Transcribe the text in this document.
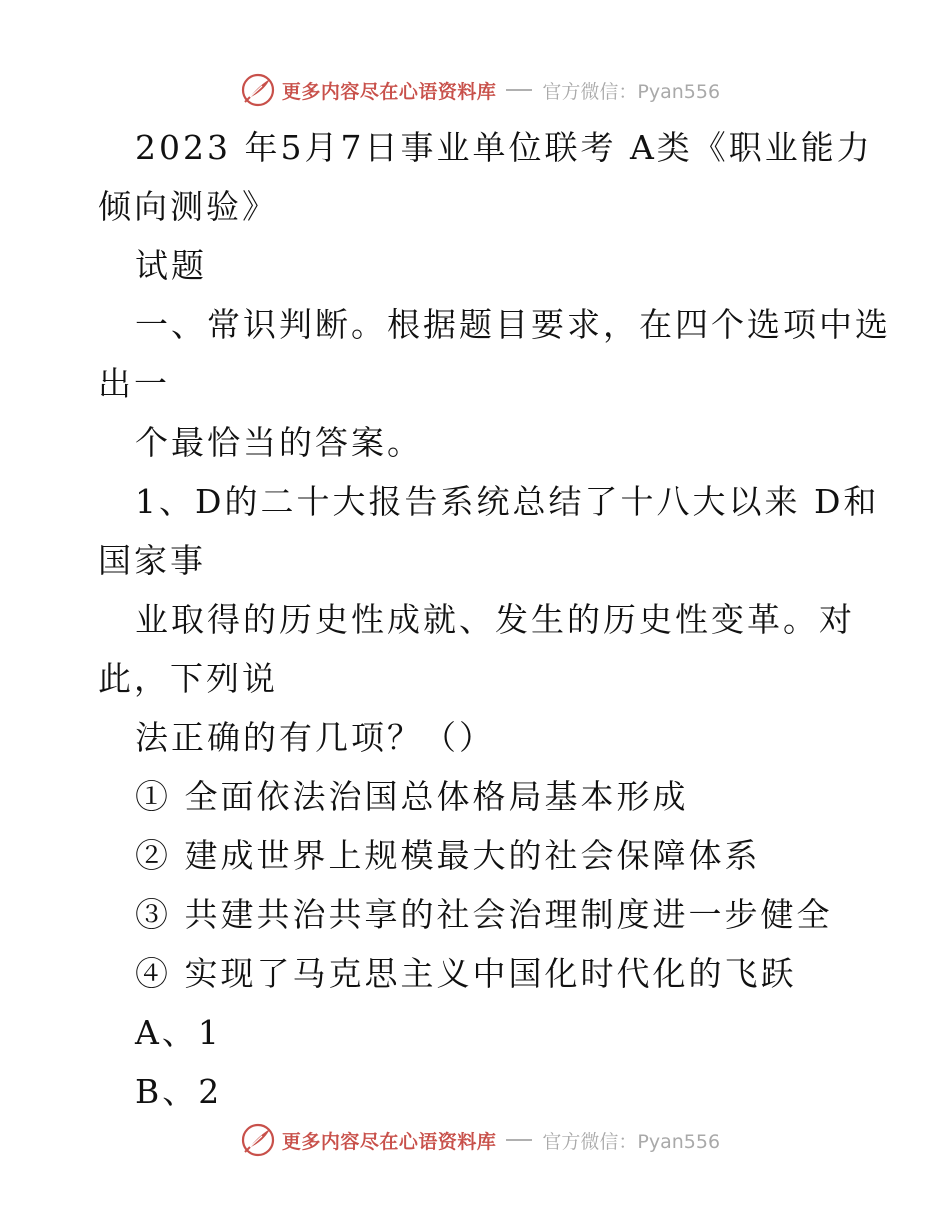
更多内容尽在心语资料库 官方微信：Pyan556
2023 年5月7日事业单位联考 A类《职业能力
倾向测验》
试题
一、常识判断。根据题目要求，在四个选项中选
出一
个最恰当的答案。
1、D的二十大报告系统总结了十八大以来 D和
国家事
业取得的历史性成就、发生的历史性变革。对
此，下列说
法正确的有几项？（）
① 全面依法治国总体格局基本形成
② 建成世界上规模最大的社会保障体系
③ 共建共治共享的社会治理制度进一步健全
④ 实现了马克思主义中国化时代化的飞跃
A、1
B、2
更多内容尽在心语资料库 官方微信：Pyan556
